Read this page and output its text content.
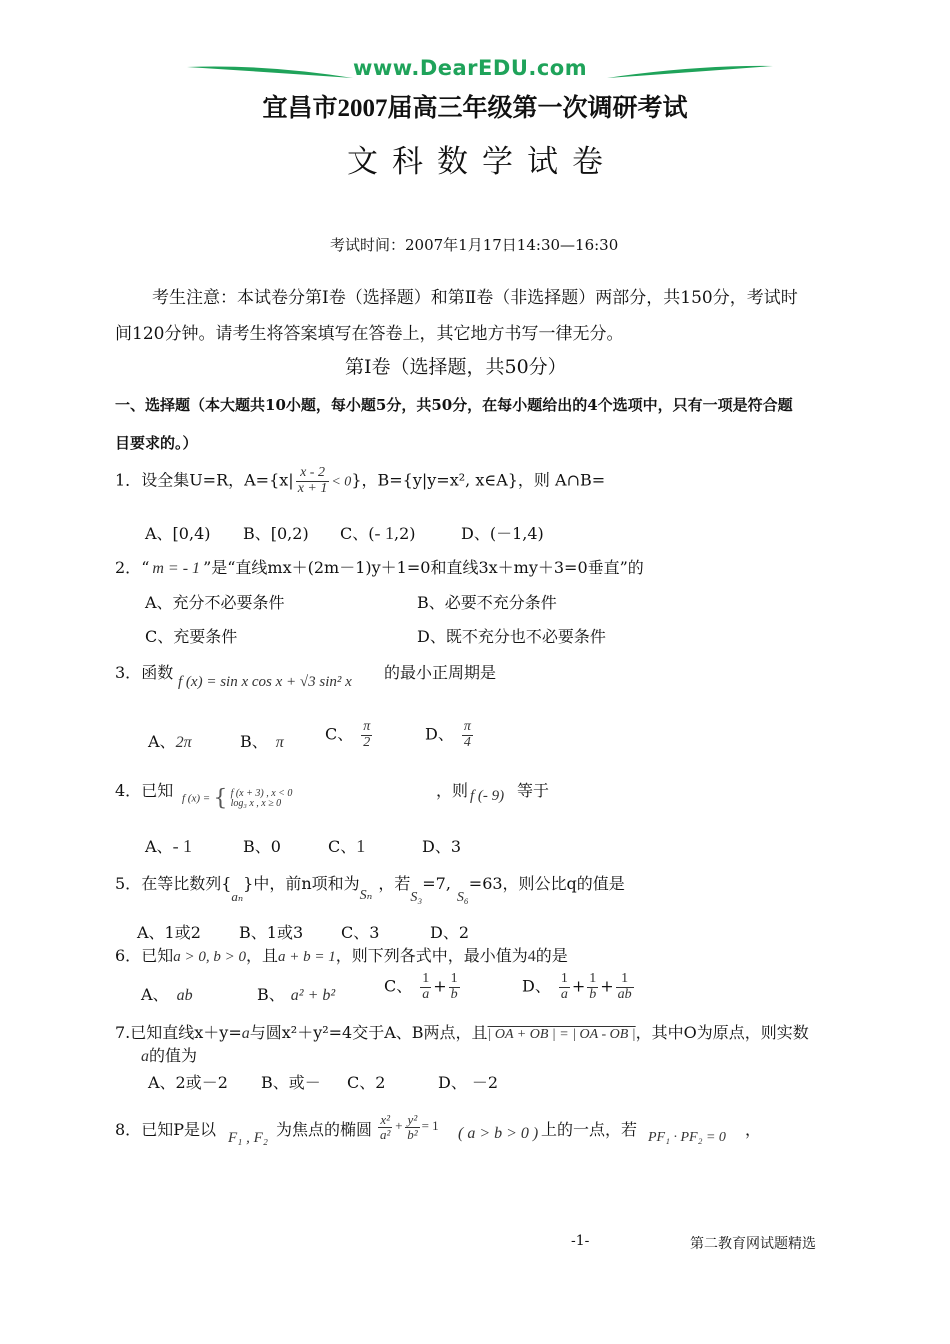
www.DearEDU.com
宜昌市2007届高三年级第一次调研考试
文科数学试卷
考试时间：2007年1月17日14:30—16:30
考生注意：本试卷分第Ⅰ卷（选择题）和第Ⅱ卷（非选择题）两部分，共150分，考试时
间120分钟。请考生将答案填写在答卷上，其它地方书写一律无分。
第Ⅰ卷（选择题，共50分）
一、选择题（本大题共10小题，每小题5分，共50分，在每小题给出的4个选项中，只有一项是符合题
目要求的。）
1．设全集U=R，$A=\{x| \frac{x - 2}{x + 1} < 0\}$，B={y|y=x², x∈A}，则 A∩B=
A、[0,4) B、[0,2) C、(- 1,2)	D、(－1,4)
2．“ m = - 1 ”是“直线mx＋(2m－1)y＋1=0和直线3x＋my＋3=0垂直”的
A、充分不必要条件	B、必要不充分条件
C、充要条件	D、既不充分也不必要条件
3．函数 f (x) = sin x cos x + √3 sin² x 的最小正周期是
A、2π	B、 π	C、 $\frac{\pi}{2}$	D、 $\frac{\pi}{4}$
4．已知 f (x) = { f (x + 3) , x < 0
log₃ x , x ≥ 0
，则 f (- 9) 等于
A、- 1	B、0	C、1	D、3
5．在等比数列$\{_{a_n}\}$中，前n项和为Sₙ，若S₃=7,S₆=63，则公比q的值是
A、1或2 B、1或3 C、3	D、2
6．已知a > 0, b > 0，且a + b = 1，则下列各式中，最小值为4的是
A、 ab	B、 a² + b²	C、 $\frac{1}{a} + \frac{1}{b}$	D、 $\frac{1}{a} + \frac{1}{b} + \frac{1}{ab}$
7.已知直线x＋y=a与圆x²＋y²=4交于A、B两点，且| OA + OB | = | OA - OB |，其中O为原点，则实数
a的值为
A、2或－2 B、或－ C、2	D、 －2
8．已知P是以 F₁ , F₂ 为焦点的椭圆 $\frac{\text{x²}}{\text{a²}} + \frac{\text{y²}}{\text{b²}} = 1$ ( a > b > 0 ) 上的一点，若 PF₁ · PF₂ = 0 ，
-1-	第二教育网试题精选
